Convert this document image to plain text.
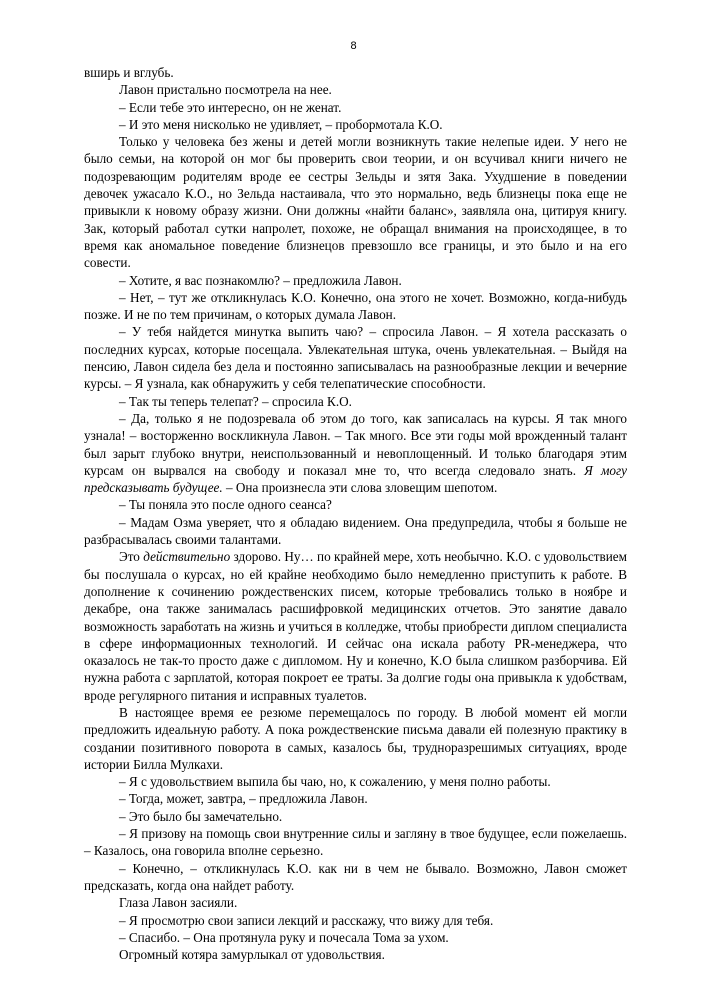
8

вширь и вглубь.

Лавон пристально посмотрела на нее.

– Если тебе это интересно, он не женат.

– И это меня нисколько не удивляет, – пробормотала К.О.

Только у человека без жены и детей могли возникнуть такие нелепые идеи. У него не было семьи, на которой он мог бы проверить свои теории, и он всучивал книги ничего не подозревающим родителям вроде ее сестры Зельды и зятя Зака. Ухудшение в поведении девочек ужасало К.О., но Зельда настаивала, что это нормально, ведь близнецы пока еще не привыкли к новому образу жизни. Они должны «найти баланс», заявляла она, цитируя книгу. Зак, который работал сутки напролет, похоже, не обращал внимания на происходящее, в то время как аномальное поведение близнецов превзошло все границы, и это было и на его совести.

– Хотите, я вас познакомлю? – предложила Лавон.

– Нет, – тут же откликнулась К.О. Конечно, она этого не хочет. Возможно, когда-нибудь позже. И не по тем причинам, о которых думала Лавон.

– У тебя найдется минутка выпить чаю? – спросила Лавон. – Я хотела рассказать о последних курсах, которые посещала. Увлекательная штука, очень увлекательная. – Выйдя на пенсию, Лавон сидела без дела и постоянно записывалась на разнообразные лекции и вечерние курсы. – Я узнала, как обнаружить у себя телепатические способности.

– Так ты теперь телепат? – спросила К.О.

– Да, только я не подозревала об этом до того, как записалась на курсы. Я так много узнала! – восторженно воскликнула Лавон. – Так много. Все эти годы мой врожденный талант был зарыт глубоко внутри, неиспользованный и невоплощенный. И только благодаря этим курсам он вырвался на свободу и показал мне то, что всегда следовало знать. Я могу предсказывать будущее. – Она произнесла эти слова зловещим шепотом.

– Ты поняла это после одного сеанса?

– Мадам Озма уверяет, что я обладаю видением. Она предупредила, чтобы я больше не разбрасывалась своими талантами.

Это действительно здорово. Ну… по крайней мере, хоть необычно. К.О. с удовольствием бы послушала о курсах, но ей крайне необходимо было немедленно приступить к работе. В дополнение к сочинению рождественских писем, которые требовались только в ноябре и декабре, она также занималась расшифровкой медицинских отчетов. Это занятие давало возможность заработать на жизнь и учиться в колледже, чтобы приобрести диплом специалиста в сфере информационных технологий. И сейчас она искала работу PR-менеджера, что оказалось не так-то просто даже с дипломом. Ну и конечно, К.О была слишком разборчива. Ей нужна работа с зарплатой, которая покроет ее траты. За долгие годы она привыкла к удобствам, вроде регулярного питания и исправных туалетов.

В настоящее время ее резюме перемещалось по городу. В любой момент ей могли предложить идеальную работу. А пока рождественские письма давали ей полезную практику в создании позитивного поворота в самых, казалось бы, трудноразрешимых ситуациях, вроде истории Билла Мулкахи.

– Я с удовольствием выпила бы чаю, но, к сожалению, у меня полно работы.

– Тогда, может, завтра, – предложила Лавон.

– Это было бы замечательно.

– Я призову на помощь свои внутренние силы и загляну в твое будущее, если пожелаешь. – Казалось, она говорила вполне серьезно.

– Конечно, – откликнулась К.О. как ни в чем не бывало. Возможно, Лавон сможет предсказать, когда она найдет работу.

Глаза Лавон засияли.

– Я просмотрю свои записи лекций и расскажу, что вижу для тебя.

– Спасибо. – Она протянула руку и почесала Тома за ухом.

Огромный котяра замурлыкал от удовольствия.
